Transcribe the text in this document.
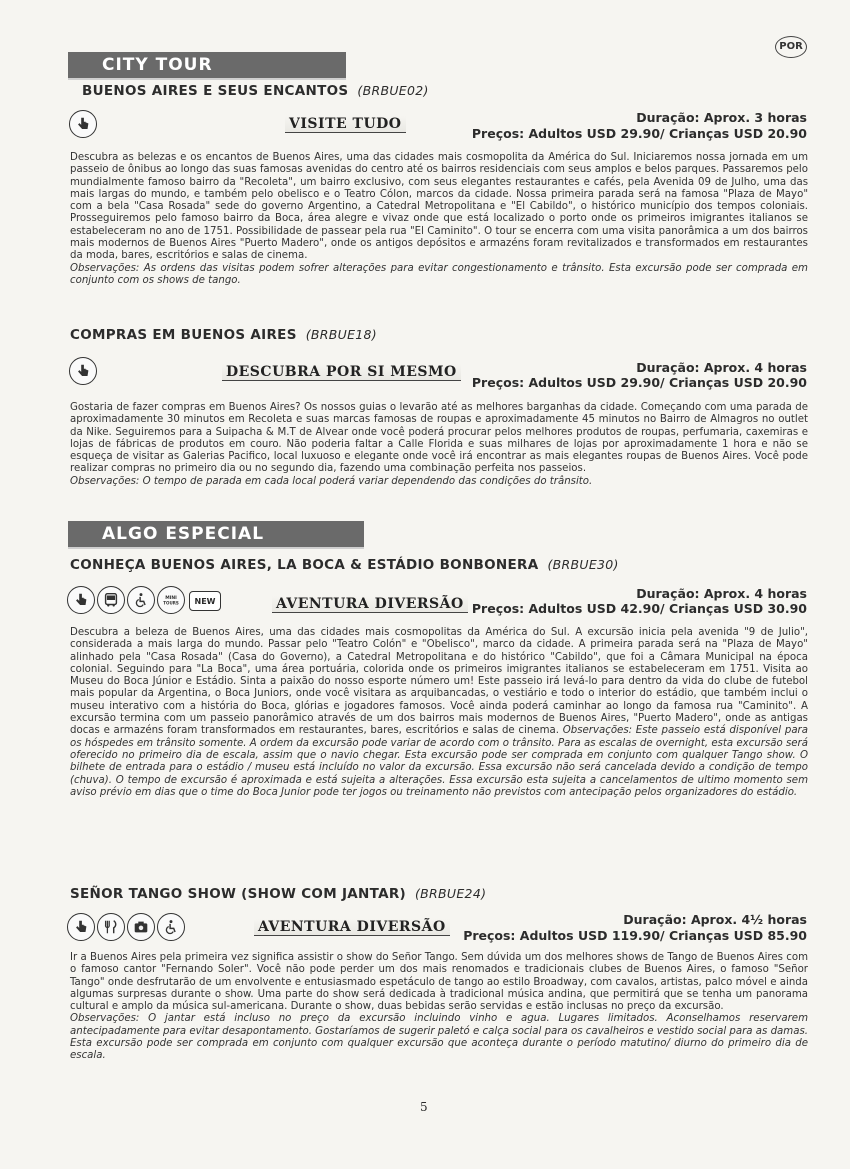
POR
CITY TOUR
BUENOS AIRES E SEUS ENCANTOS (BRBUE02)
VISITE TUDO	Duração: Aprox. 3 horas
Preços: Adultos USD 29.90/ Crianças USD 20.90

Descubra as belezas e os encantos de Buenos Aires, uma das cidades mais cosmopolita da América do Sul. Iniciaremos nossa jornada em um passeio de ônibus ao longo das suas famosas avenidas do centro até os bairros residenciais com seus amplos e belos parques. Passaremos pelo mundialmente famoso bairro da "Recoleta", um bairro exclusivo, com seus elegantes restaurantes e cafés, pela Avenida 09 de Julho, uma das mais largas do mundo, e também pelo obelisco e o Teatro Cólon, marcos da cidade. Nossa primeira parada será na famosa "Plaza de Mayo" com a bela "Casa Rosada" sede do governo Argentino, a Catedral Metropolitana e "El Cabildo", o histórico município dos tempos coloniais. Prosseguiremos pelo famoso bairro da Boca, área alegre e vivaz onde que está localizado o porto onde os primeiros imigrantes italianos se estabeleceram no ano de 1751. Possibilidade de passear pela rua "El Caminito". O tour se encerra com uma visita panorâmica a um dos bairros mais modernos de Buenos Aires "Puerto Madero", onde os antigos depósitos e armazéns foram revitalizados e transformados em restaurantes da moda, bares, escritórios e salas de cinema.

Observações: As ordens das visitas podem sofrer alterações para evitar congestionamento e trânsito. Esta excursão pode ser comprada em conjunto com os shows de tango.

COMPRAS EM BUENOS AIRES (BRBUE18)
DESCUBRA POR SI MESMO	Duração: Aprox. 4 horas
Preços: Adultos USD 29.90/ Crianças USD 20.90

Gostaria de fazer compras em Buenos Aires? Os nossos guias o levarão até as melhores barganhas da cidade. Começando com uma parada de aproximadamente 30 minutos em Recoleta e suas marcas famosas de roupas e aproximadamente 45 minutos no Bairro de Almagros no outlet da Nike. Seguiremos para a Suipacha & M.T de Alvear onde você poderá procurar pelos melhores produtos de roupas, perfumaria, caxemiras e lojas de fábricas de produtos em couro. Não poderia faltar a Calle Florida e suas milhares de lojas por aproximadamente 1 hora e não se esqueça de visitar as Galerias Pacifico, local luxuoso e elegante onde você irá encontrar as mais elegantes roupas de Buenos Aires. Você pode realizar compras no primeiro dia ou no segundo dia, fazendo uma combinação perfeita nos passeios.

Observações: O tempo de parada em cada local poderá variar dependendo das condições do trânsito.

ALGO ESPECIAL
CONHEÇA BUENOS AIRES, LA BOCA & ESTÁDIO BONBONERA (BRBUE30)
MINI
TOURS	NEW	AVENTURA DIVERSÃO
Duração: Aprox. 4 horas
Preços: Adultos USD 42.90/ Crianças USD 30.90

Descubra a beleza de Buenos Aires, uma das cidades mais cosmopolitas da América do Sul. A excursão inicia pela avenida "9 de Julio", considerada a mais larga do mundo. Passar pelo "Teatro Colón" e "Obelisco", marco da cidade. A primeira parada será na "Plaza de Mayo" alinhado pela "Casa Rosada" (Casa do Governo), a Catedral Metropolitana e do histórico "Cabildo", que foi a Câmara Municipal na época colonial. Seguindo para "La Boca", uma área portuária, colorida onde os primeiros imigrantes italianos se estabeleceram em 1751. Visita ao Museu do Boca Júnior e Estádio. Sinta a paixão do nosso esporte número um! Este passeio irá levá-lo para dentro da vida do clube de futebol mais popular da Argentina, o Boca Juniors, onde você visitara as arquibancadas, o vestiário e todo o interior do estádio, que também inclui o museu interativo com a história do Boca, glórias e jogadores famosos. Você ainda poderá caminhar ao longo da famosa rua "Caminito". A excursão termina com um passeio panorâmico através de um dos bairros mais modernos de Buenos Aires, "Puerto Madero", onde as antigas docas e armazéns foram transformados em restaurantes, bares, escritórios e salas de cinema. Observações: Este passeio está disponível para os hóspedes em trânsito somente. A ordem da excursão pode variar de acordo com o trânsito. Para as escalas de overnight, esta excursão será oferecido no primeiro dia de escala, assim que o navio chegar. Esta excursão pode ser comprada em conjunto com qualquer Tango show. O bilhete de entrada para o estádio / museu está incluído no valor da excursão. Essa excursão não será cancelada devido a condição de tempo (chuva). O tempo de excursão é aproximada e está sujeita a alterações. Essa excursão esta sujeita a cancelamentos de ultimo momento sem aviso prévio em dias que o time do Boca Junior pode ter jogos ou treinamento não previstos com antecipação pelos organizadores do estádio.

SEÑOR TANGO SHOW (SHOW COM JANTAR) (BRBUE24)
AVENTURA DIVERSÃO	Duração: Aprox. 4½ horas
Preços: Adultos USD 119.90/ Crianças USD 85.90

Ir a Buenos Aires pela primeira vez significa assistir o show do Señor Tango. Sem dúvida um dos melhores shows de Tango de Buenos Aires com o famoso cantor "Fernando Soler". Você não pode perder um dos mais renomados e tradicionais clubes de Buenos Aires, o famoso "Señor Tango" onde desfrutarão de um envolvente e entusiasmado espetáculo de tango ao estilo Broadway, com cavalos, artistas, palco móvel e ainda algumas surpresas durante o show. Uma parte do show será dedicada à tradicional música andina, que permitirá que se tenha um panorama cultural e amplo da música sul-americana. Durante o show, duas bebidas serão servidas e estão inclusas no preço da excursão.

Observações: O jantar está incluso no preço da excursão incluindo vinho e agua. Lugares limitados. Aconselhamos reservarem antecipadamente para evitar desapontamento. Gostaríamos de sugerir paletó e calça social para os cavalheiros e vestido social para as damas. Esta excursão pode ser comprada em conjunto com qualquer excursão que aconteça durante o período matutino/ diurno do primeiro dia de escala.

5
